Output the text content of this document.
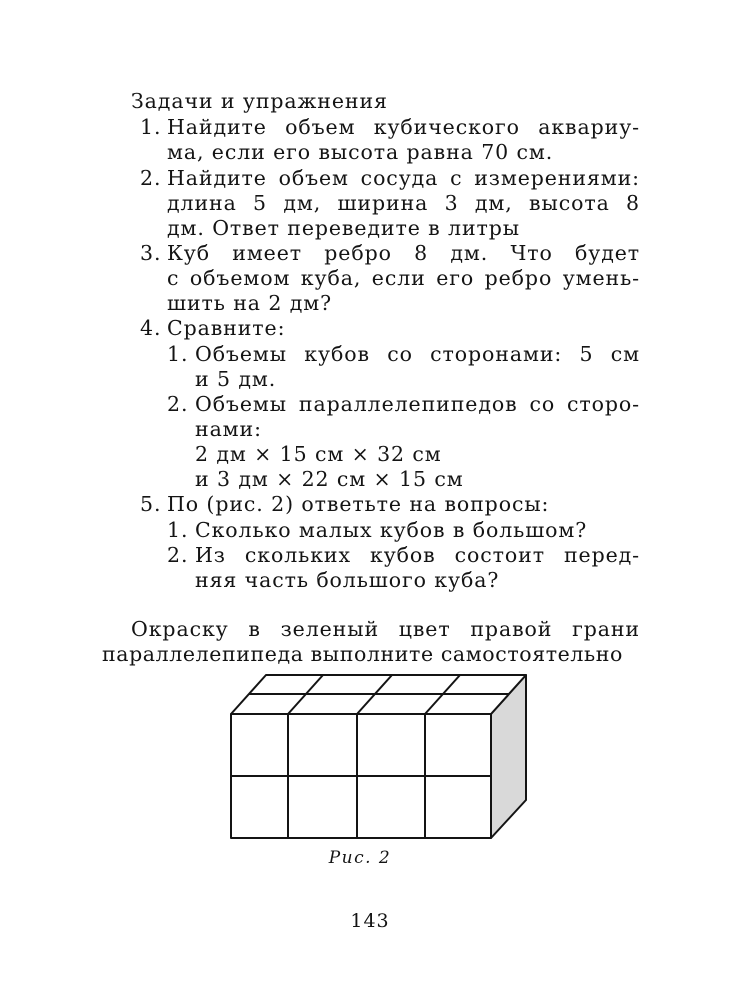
Задачи и упражнения
1. Найдите объем кубического аквариу-
ма, если его высота равна 70 см.
2. Найдите объем сосуда с измерениями:
длина 5 дм, ширина 3 дм, высота 8
дм. Ответ переведите в литры
3. Куб имеет ребро 8 дм. Что будет
с объемом куба, если его ребро умень-
шить на 2 дм?
4. Сравните:
1. Объемы кубов со сторонами: 5 см
и 5 дм.
2. Объемы параллелепипедов со сторо-
нами:
2 дм × 15 см × 32 см
и 3 дм × 22 см × 15 см
5. По (рис. 2) ответьте на вопросы:
1. Сколько малых кубов в большом?
2. Из скольких кубов состоит перед-
няя часть большого куба?
Окраску в зеленый цвет правой грани
параллелепипеда выполните самостоятельно
Рис. 2
143
